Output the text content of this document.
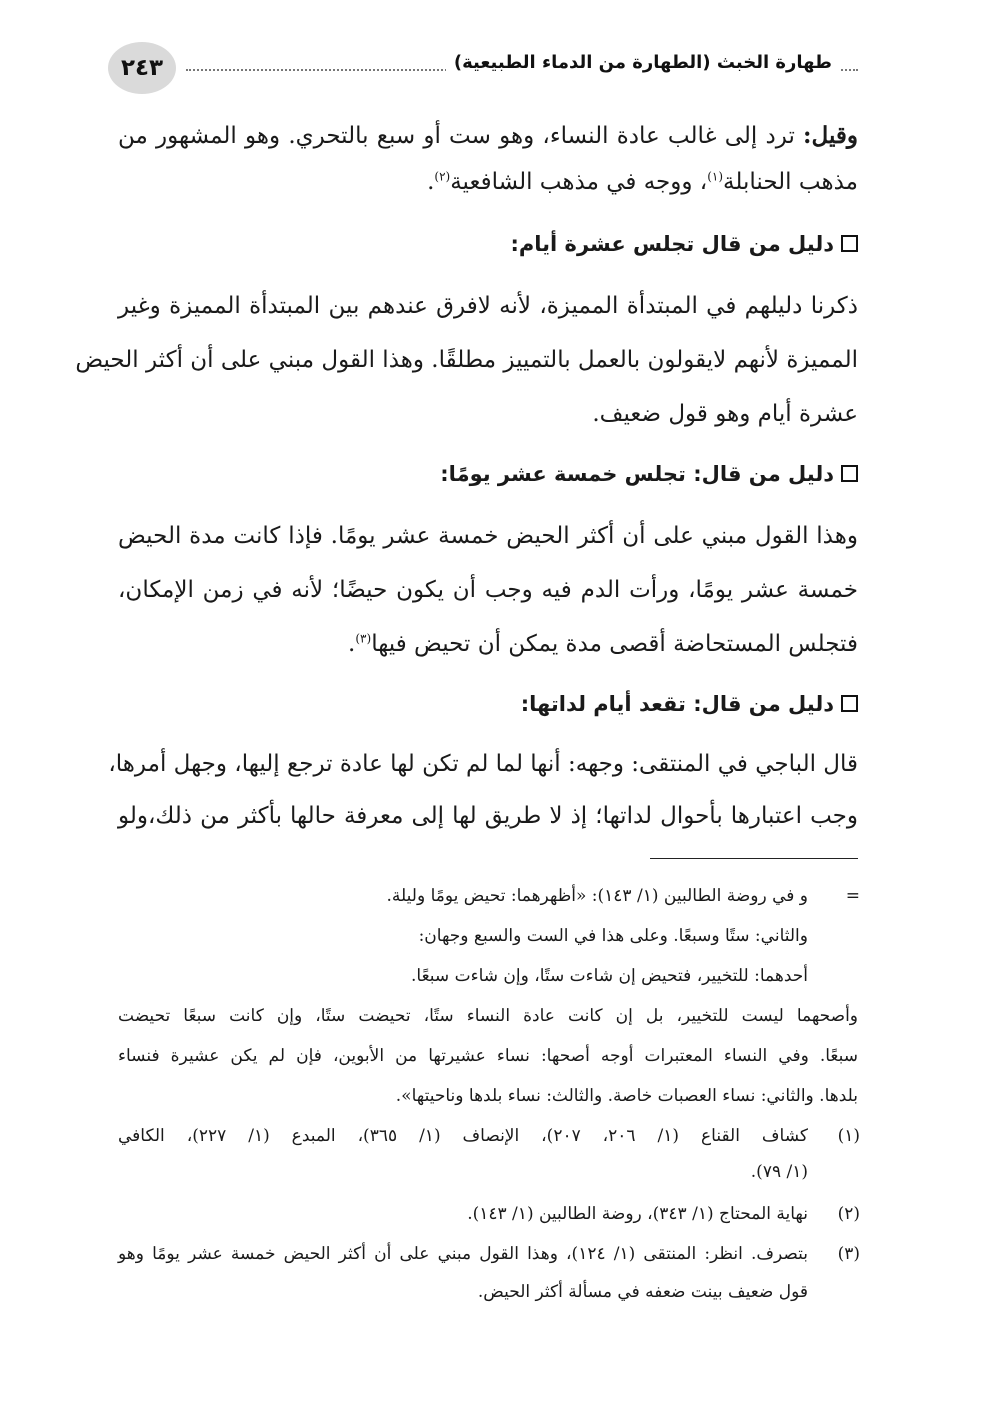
٢٤٣	طهارة الخبث (الطهارة من الدماء الطبيعية)
وقيل: ترد إلى غالب عادة النساء، وهو ست أو سبع بالتحري. وهو المشهور من
مذهب الحنابلة$^{(١)}$، ووجه في مذهب الشافعية$^{(٢)}$.
دليل من قال تجلس عشرة أيام:
ذكرنا دليلهم في المبتدأة المميزة، لأنه لافرق عندهم بين المبتدأة المميزة وغير
المميزة لأنهم لايقولون بالعمل بالتمييز مطلقًا. وهذا القول مبني على أن أكثر الحيض
عشرة أيام وهو قول ضعيف.
دليل من قال: تجلس خمسة عشر يومًا:
وهذا القول مبني على أن أكثر الحيض خمسة عشر يومًا. فإذا كانت مدة الحيض
خمسة عشر يومًا، ورأت الدم فيه وجب أن يكون حيضًا؛ لأنه في زمن الإمكان،
فتجلس المستحاضة أقصى مدة يمكن أن تحيض فيها$^{(٣)}$.
دليل من قال: تقعد أيام لداتها:
قال الباجي في المنتقى: وجهه: أنها لما لم تكن لها عادة ترجع إليها، وجهل أمرها،
وجب اعتبارها بأحوال لداتها؛ إذ لا طريق لها إلى معرفة حالها بأكثر من ذلك،ولو
=
و في روضة الطالبين (١/ ١٤٣): «أظهرهما: تحيض يومًا وليلة.
والثاني: ستًا وسبعًا. وعلى هذا في الست والسبع وجهان:
أحدهما: للتخيير، فتحيض إن شاءت ستًا، وإن شاءت سبعًا.
وأصحهما ليست للتخيير، بل إن كانت عادة النساء ستًا، تحيضت ستًا، وإن كانت سبعًا تحيضت
سبعًا. وفي النساء المعتبرات أوجه أصحها: نساء عشيرتها من الأبوين، فإن لم يكن عشيرة فنساء
بلدها. والثاني: نساء العصبات خاصة. والثالث: نساء بلدها وناحيتها».
(١)
كشاف القناع (١/ ٢٠٦، ٢٠٧)، الإنصاف (١/ ٣٦٥)، المبدع (١/ ٢٢٧)، الكافي
(١/ ٧٩).
(٢)
نهاية المحتاج (١/ ٣٤٣)، روضة الطالبين (١/ ١٤٣).
(٣)
بتصرف. انظر: المنتقى (١/ ١٢٤)، وهذا القول مبني على أن أكثر الحيض خمسة عشر يومًا وهو
قول ضعيف بينت ضعفه في مسألة أكثر الحيض.
